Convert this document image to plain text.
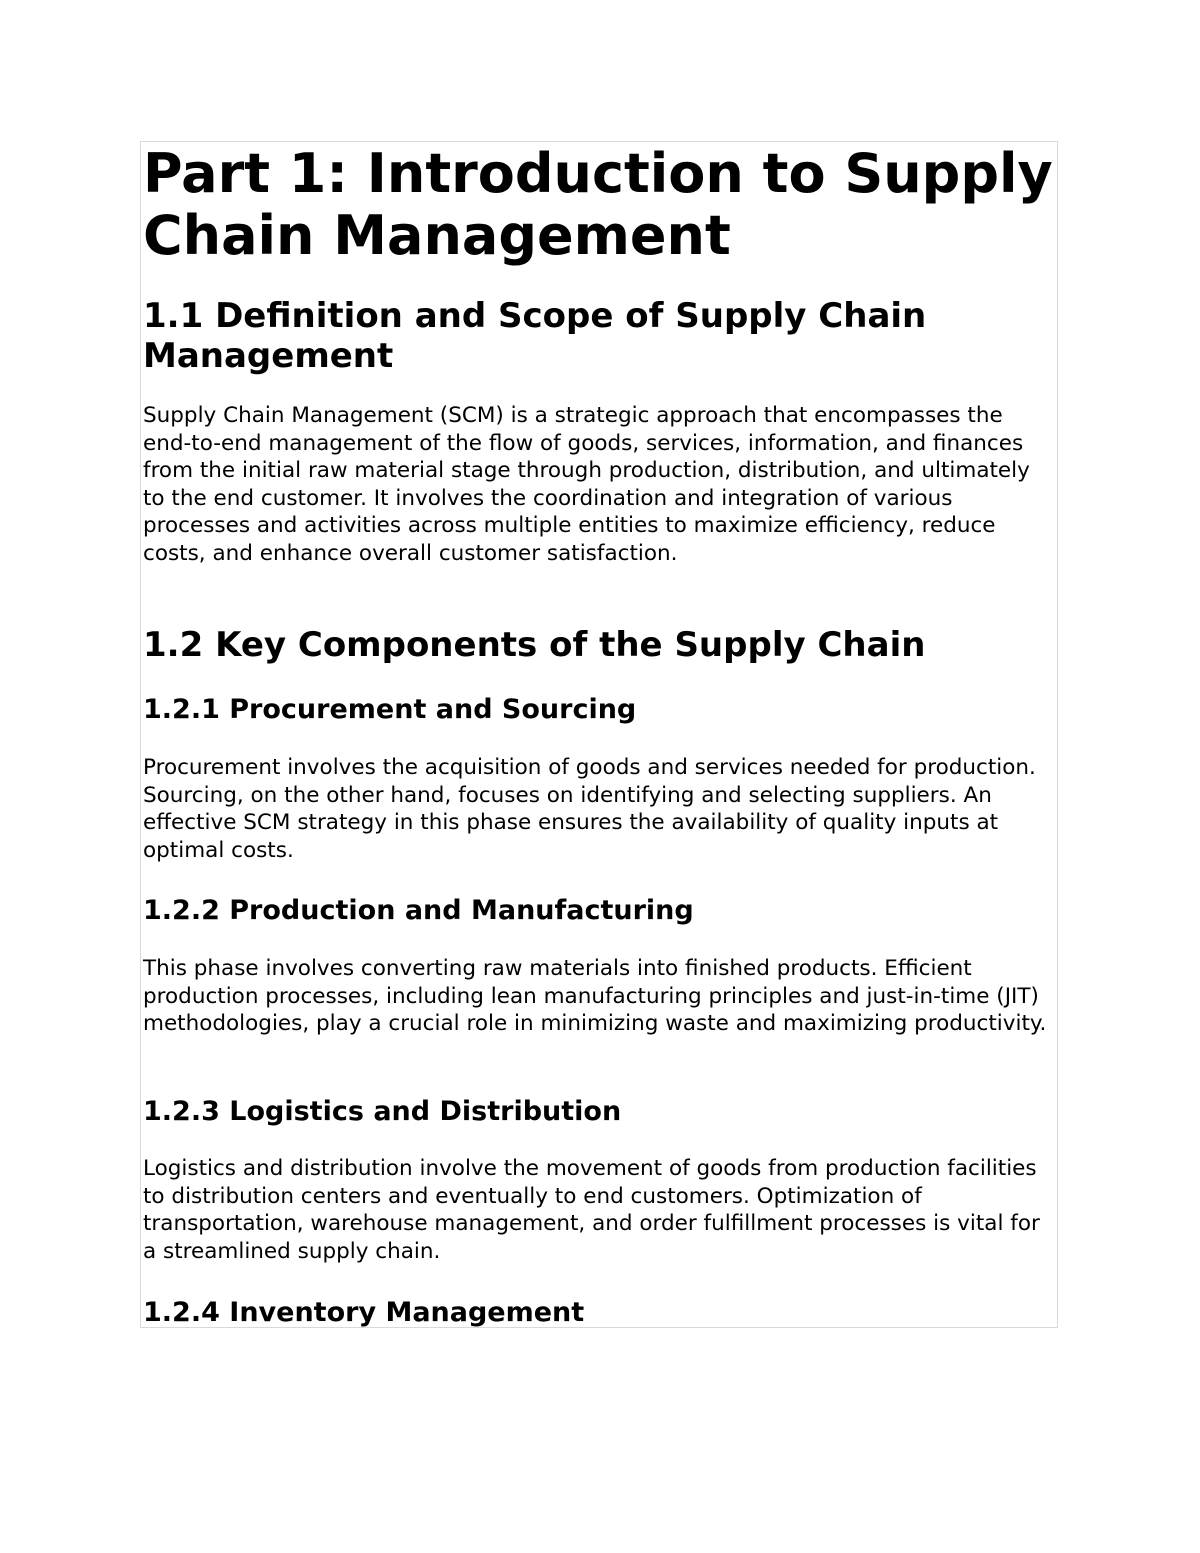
Part 1: Introduction to Supply Chain Management
1.1 Definition and Scope of Supply Chain Management

Supply Chain Management (SCM) is a strategic approach that encompasses the end-to-end management of the flow of goods, services, information, and finances from the initial raw material stage through production, distribution, and ultimately to the end customer. It involves the coordination and integration of various processes and activities across multiple entities to maximize efficiency, reduce costs, and enhance overall customer satisfaction.

1.2 Key Components of the Supply Chain
1.2.1 Procurement and Sourcing

Procurement involves the acquisition of goods and services needed for production. Sourcing, on the other hand, focuses on identifying and selecting suppliers. An effective SCM strategy in this phase ensures the availability of quality inputs at optimal costs.

1.2.2 Production and Manufacturing

This phase involves converting raw materials into finished products. Efficient production processes, including lean manufacturing principles and just-in-time (JIT) methodologies, play a crucial role in minimizing waste and maximizing productivity.

1.2.3 Logistics and Distribution

Logistics and distribution involve the movement of goods from production facilities to distribution centers and eventually to end customers. Optimization of transportation, warehouse management, and order fulfillment processes is vital for a streamlined supply chain.

1.2.4 Inventory Management
